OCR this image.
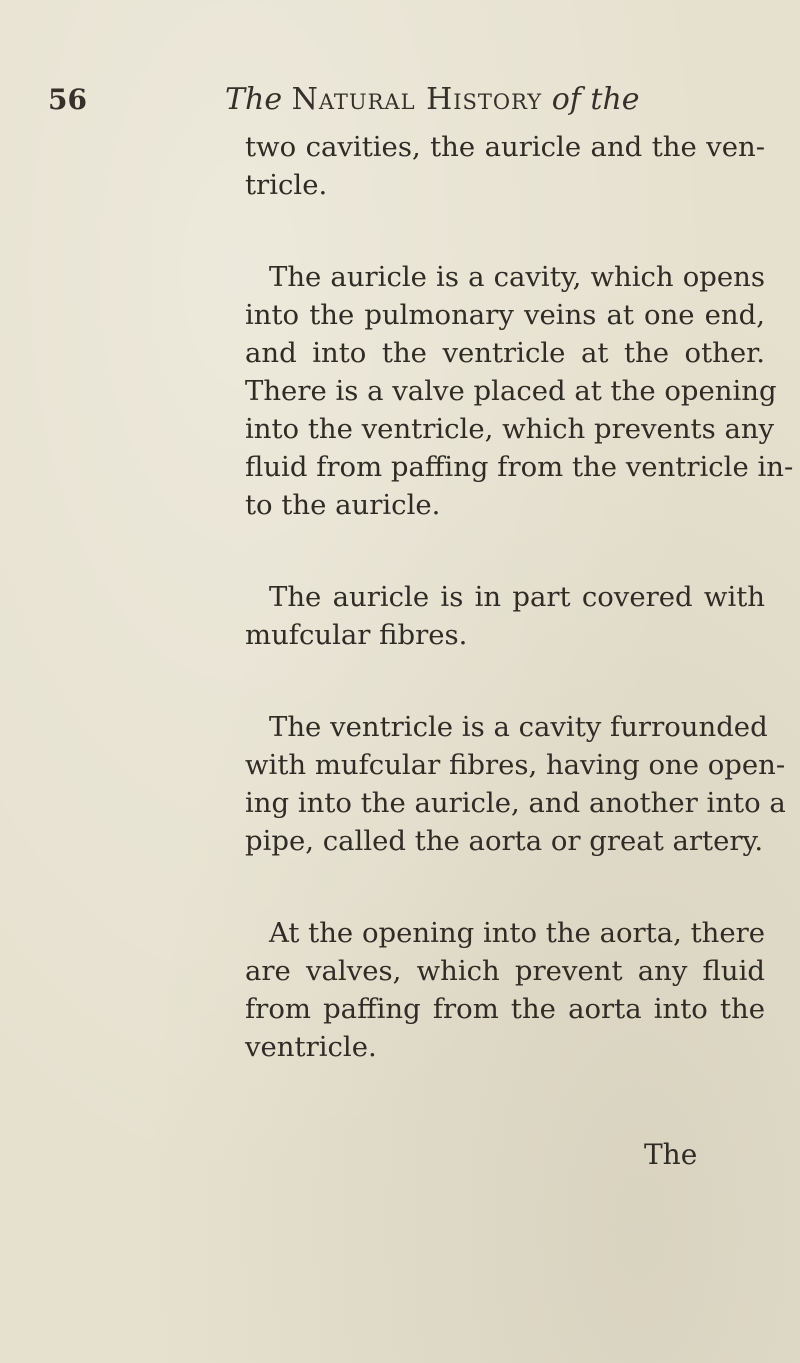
56	The Natural History of the
two cavities, the auricle and the ven-
tricle.
The auricle is a cavity, which opens
into the pulmonary veins at one end,
and into the ventricle at the other.
There is a valve placed at the opening
into the ventricle, which prevents any
fluid from paffing from the ventricle in-
to the auricle.
The auricle is in part covered with
mufcular fibres.
The ventricle is a cavity furrounded
with mufcular fibres, having one open-
ing into the auricle, and another into a
pipe, called the aorta or great artery.
At the opening into the aorta, there
are valves, which prevent any fluid
from paffing from the aorta into the
ventricle.
The
